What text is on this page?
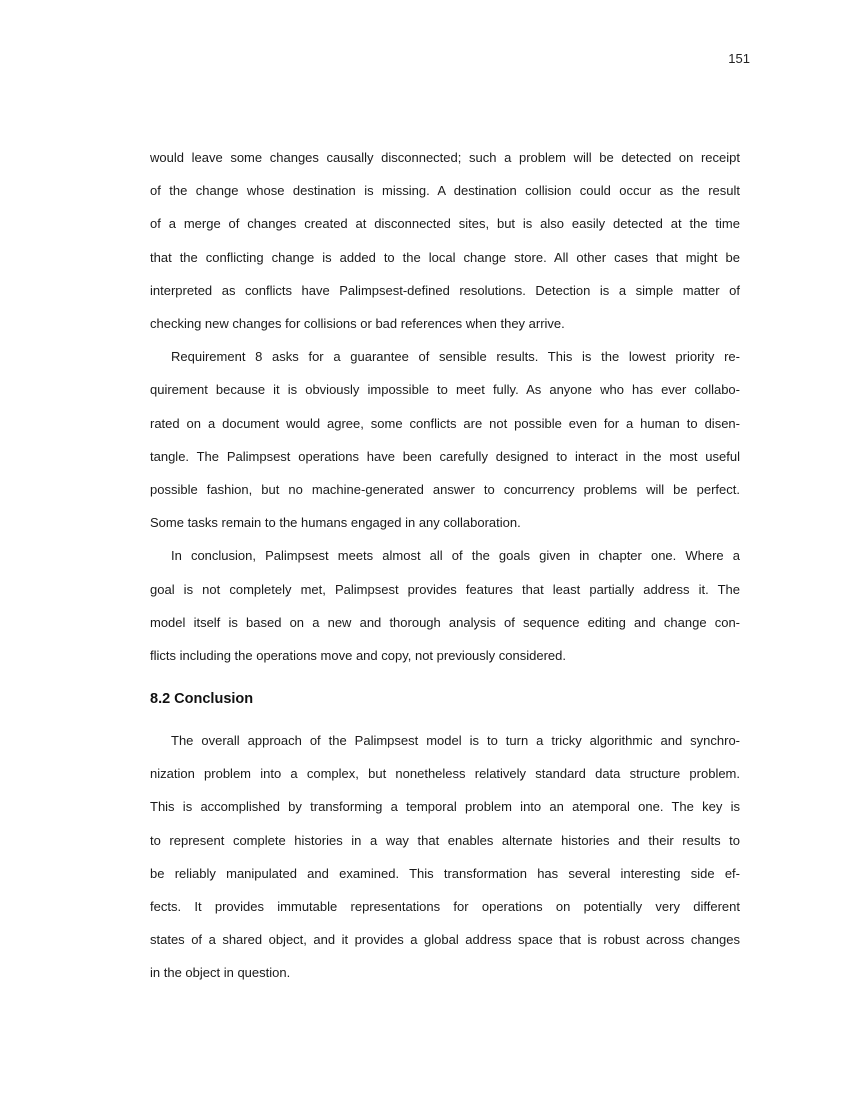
151
would leave some changes causally disconnected; such a problem will be detected on receipt
of the change whose destination is missing. A destination collision could occur as the result
of a merge of changes created at disconnected sites, but is also easily detected at the time
that the conflicting change is added to the local change store. All other cases that might be
interpreted as conflicts have Palimpsest-defined resolutions. Detection is a simple matter of
checking new changes for collisions or bad references when they arrive.
Requirement 8 asks for a guarantee of sensible results. This is the lowest priority re-
quirement because it is obviously impossible to meet fully. As anyone who has ever collabo-
rated on a document would agree, some conflicts are not possible even for a human to disen-
tangle. The Palimpsest operations have been carefully designed to interact in the most useful
possible fashion, but no machine-generated answer to concurrency problems will be perfect.
Some tasks remain to the humans engaged in any collaboration.
In conclusion, Palimpsest meets almost all of the goals given in chapter one. Where a
goal is not completely met, Palimpsest provides features that least partially address it. The
model itself is based on a new and thorough analysis of sequence editing and change con-
flicts including the operations move and copy, not previously considered.
8.2 Conclusion
The overall approach of the Palimpsest model is to turn a tricky algorithmic and synchro-
nization problem into a complex, but nonetheless relatively standard data structure problem.
This is accomplished by transforming a temporal problem into an atemporal one. The key is
to represent complete histories in a way that enables alternate histories and their results to
be reliably manipulated and examined. This transformation has several interesting side ef-
fects. It provides immutable representations for operations on potentially very different
states of a shared object, and it provides a global address space that is robust across changes
in the object in question.
